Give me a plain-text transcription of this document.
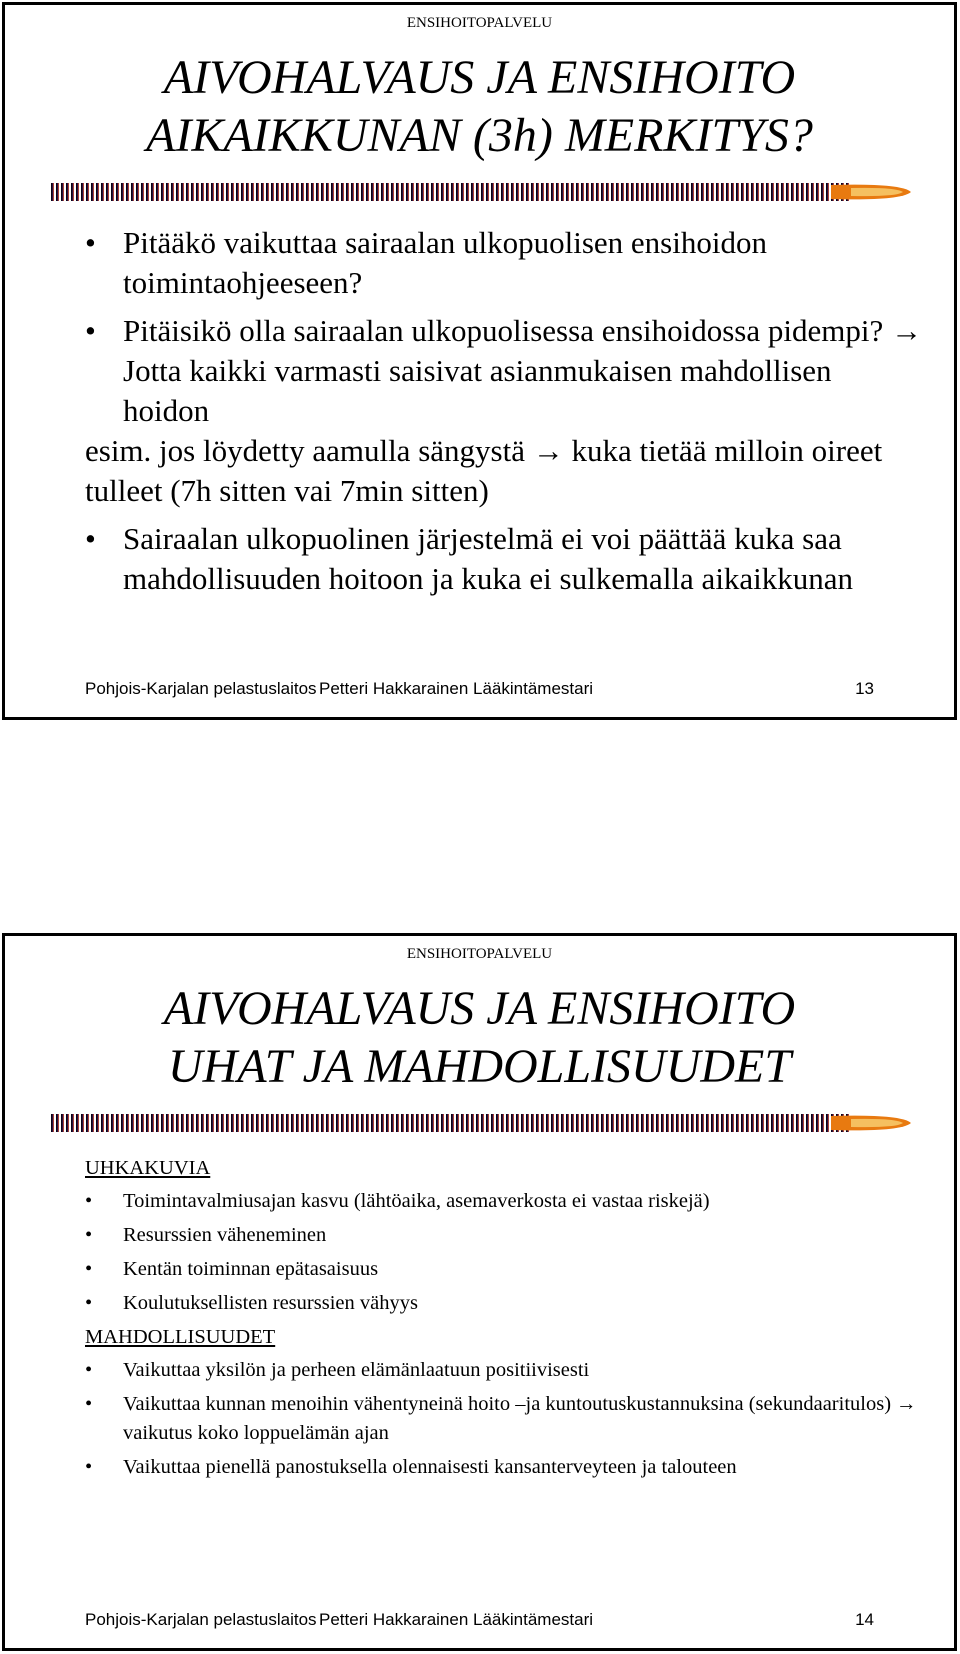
ENSIHOITOPALVELU
AIVOHALVAUS JA ENSIHOITO
AIKAIKKUNAN (3h) MERKITYS?
• Pitääkö vaikuttaa sairaalan ulkopuolisen ensihoidon toimintaohjeeseen?
• Pitäisikö olla sairaalan ulkopuolisessa ensihoidossa pidempi? → Jotta kaikki varmasti saisivat asianmukaisen mahdollisen hoidon
esim. jos löydetty aamulla sängystä → kuka tietää milloin oireet tulleet (7h sitten vai 7min sitten)
• Sairaalan ulkopuolinen järjestelmä ei voi päättää kuka saa mahdollisuuden hoitoon ja kuka ei sulkemalla aikaikkunan
Pohjois-Karjalan pelastuslaitos Petteri Hakkarainen Lääkintämestari	13
ENSIHOITOPALVELU
AIVOHALVAUS JA ENSIHOITO
UHAT JA MAHDOLLISUUDET
UHKAKUVIA
• Toimintavalmiusajan kasvu (lähtöaika, asemaverkosta ei vastaa riskejä)
• Resurssien väheneminen
• Kentän toiminnan epätasaisuus
• Koulutuksellisten resurssien vähyys
MAHDOLLISUUDET
• Vaikuttaa yksilön ja perheen elämänlaatuun positiivisesti
• Vaikuttaa kunnan menoihin vähentyneinä hoito –ja kuntoutuskustannuksina (sekundaaritulos) → vaikutus koko loppuelämän ajan
• Vaikuttaa pienellä panostuksella olennaisesti kansanterveyteen ja talouteen
Pohjois-Karjalan pelastuslaitos Petteri Hakkarainen Lääkintämestari	14
